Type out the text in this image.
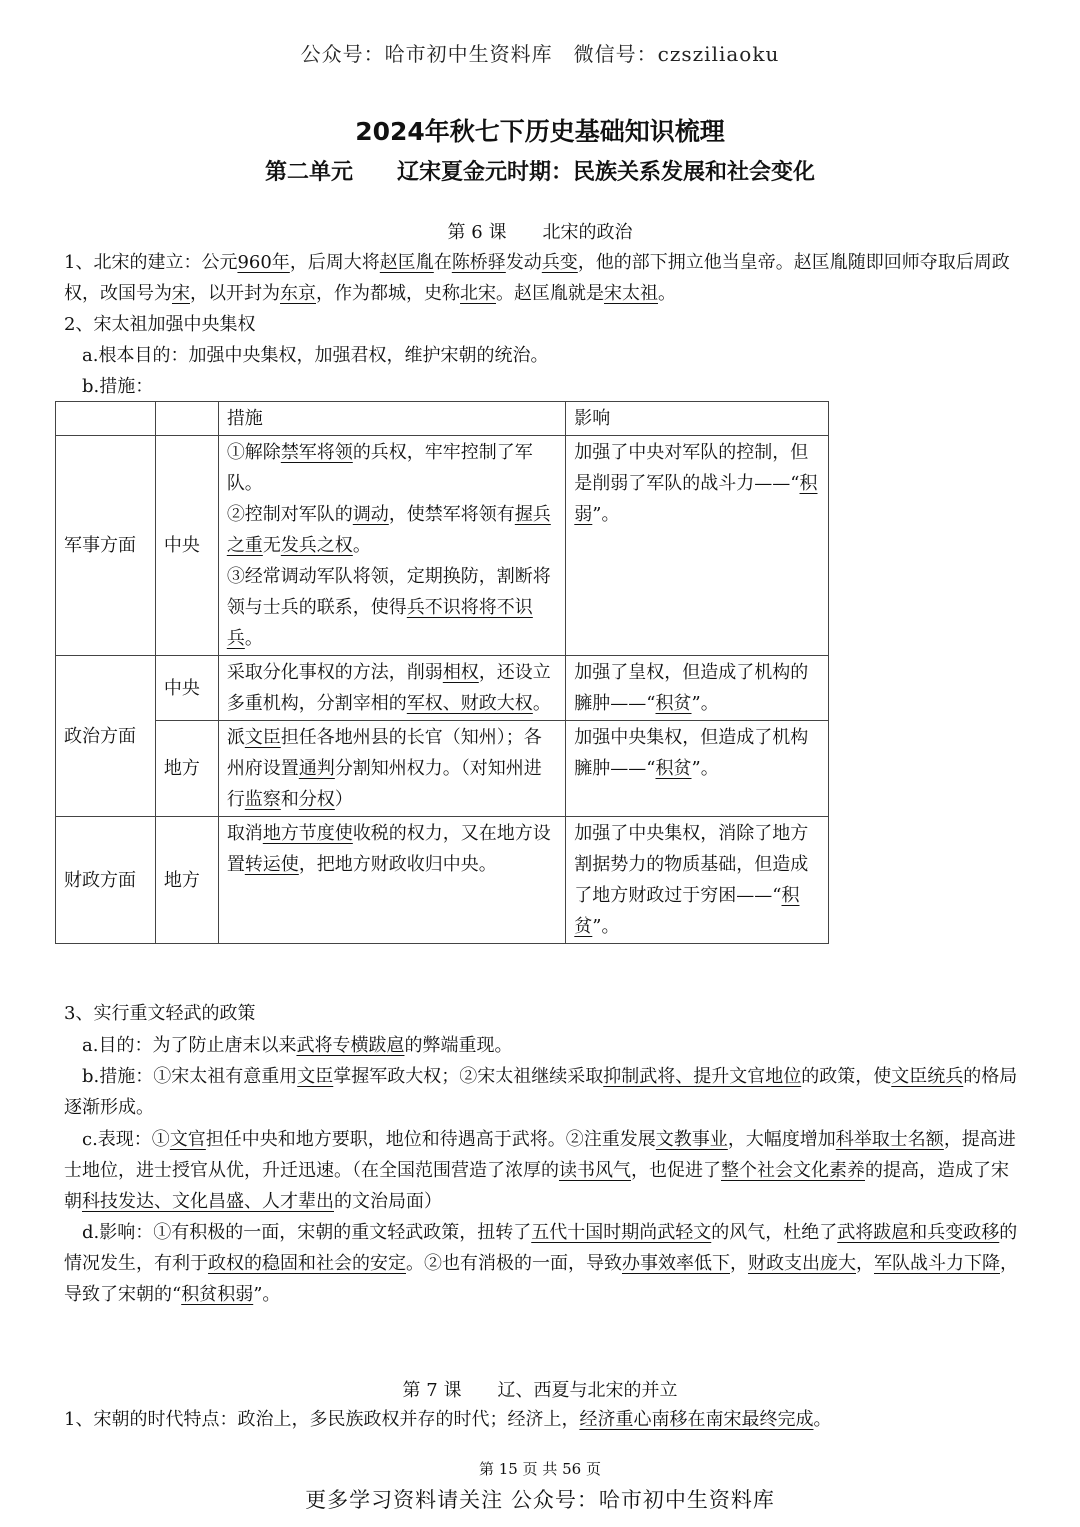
公众号：哈市初中生资料库　微信号：czsziliaoku
2024年秋七下历史基础知识梳理
第二单元　　辽宋夏金元时期：民族关系发展和社会变化
第 6 课　　北宋的政治
1、北宋的建立：公元960年，后周大将赵匡胤在陈桥驿发动兵变，他的部下拥立他当皇帝。赵匡胤随即回师夺取后周政权，改国号为宋，以开封为东京，作为都城，史称北宋。赵匡胤就是宋太祖。
2、宋太祖加强中央集权
a.根本目的：加强中央集权，加强君权，维护宋朝的统治。
b.措施：
		措施	影响
军事方面	中央	①解除禁军将领的兵权，牢牢控制了军队。
②控制对军队的调动，使禁军将领有握兵之重无发兵之权。
③经常调动军队将领，定期换防，割断将领与士兵的联系，使得兵不识将将不识兵。	加强了中央对军队的控制，但是削弱了军队的战斗力——“积弱”。
政治方面	中央	采取分化事权的方法，削弱相权，还设立多重机构，分割宰相的军权、财政大权。	加强了皇权，但造成了机构的臃肿——“积贫”。
	地方	派文臣担任各地州县的长官（知州）；各州府设置通判分割知州权力。（对知州进行监察和分权）	加强中央集权，但造成了机构臃肿——“积贫”。
财政方面	地方	取消地方节度使收税的权力，又在地方设置转运使，把地方财政收归中央。	加强了中央集权，消除了地方割据势力的物质基础，但造成了地方财政过于穷困——“积贫”。
3、实行重文轻武的政策
a.目的：为了防止唐末以来武将专横跋扈的弊端重现。
b.措施：①宋太祖有意重用文臣掌握军政大权；②宋太祖继续采取抑制武将、提升文官地位的政策，使文臣统兵的格局逐渐形成。
c.表现：①文官担任中央和地方要职，地位和待遇高于武将。②注重发展文教事业，大幅度增加科举取士名额，提高进士地位，进士授官从优，升迁迅速。（在全国范围营造了浓厚的读书风气，也促进了整个社会文化素养的提高，造成了宋朝科技发达、文化昌盛、人才辈出的文治局面）
d.影响：①有积极的一面，宋朝的重文轻武政策，扭转了五代十国时期尚武轻文的风气，杜绝了武将跋扈和兵变政移的情况发生，有利于政权的稳固和社会的安定。②也有消极的一面，导致办事效率低下，财政支出庞大，军队战斗力下降，导致了宋朝的“积贫积弱”。
第 7 课　　辽、西夏与北宋的并立
1、宋朝的时代特点：政治上，多民族政权并存的时代；经济上，经济重心南移在南宋最终完成。
第 15 页 共 56 页
更多学习资料请关注 公众号：哈市初中生资料库
